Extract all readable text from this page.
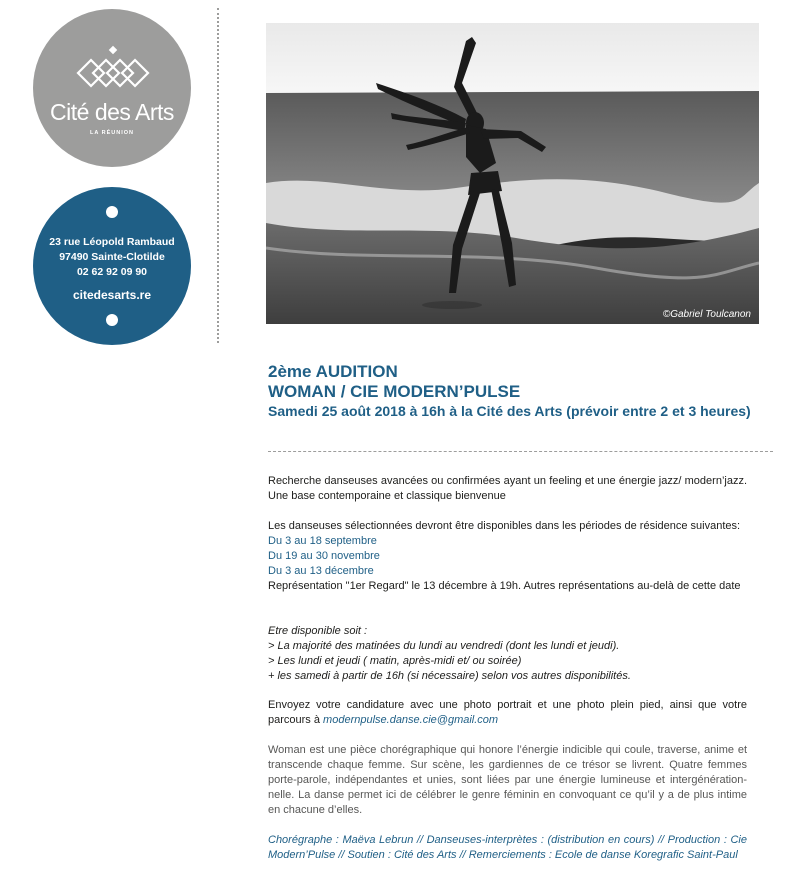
Cité des Arts
LA RÉUNION
23 rue Léopold Rambaud
97490 Sainte-Clotilde
02 62 92 09 90
citedesarts.re
©Gabriel Toulcanon
2ème AUDITION
WOMAN / CIE MODERN’PULSE
Samedi 25 août 2018 à 16h à la Cité des Arts (prévoir entre 2 et 3 heures)

Recherche danseuses avancées ou confirmées ayant un feeling et une énergie jazz/ modern’jazz. Une base contemporaine et classique bienvenue

Les danseuses sélectionnées devront être disponibles dans les périodes de résidence suivantes:
Du 3 au 18 septembre
Du 19 au 30 novembre
Du 3 au 13 décembre
Représentation "1er Regard" le 13 décembre à 19h. Autres représentations au-delà de cette date
Etre disponible soit :
> La majorité des matinées du lundi au vendredi (dont les lundi et jeudi).
> Les lundi et jeudi ( matin, après-midi et/ ou soirée)
+ les samedi à partir de 16h (si nécessaire) selon vos autres disponibilités.

Envoyez votre candidature avec une photo portrait et une photo plein pied, ainsi que votre parcours à modernpulse.danse.cie@gmail.com

Woman est une pièce chorégraphique qui honore l’énergie indicible qui coule, traverse, anime et transcende chaque femme. Sur scène, les gardiennes de ce trésor se livrent. Quatre femmes porte-parole, indépendantes et unies, sont liées par une énergie lumineuse et intergénération- nelle. La danse permet ici de célébrer le genre féminin en convoquant ce qu’il y a de plus intime en chacune d’elles.

Chorégraphe : Maëva Lebrun // Danseuses-interprètes : (distribution en cours) // Production : Cie Modern’Pulse // Soutien : Cité des Arts // Remerciements : Ecole de danse Koregrafic Saint-Paul
